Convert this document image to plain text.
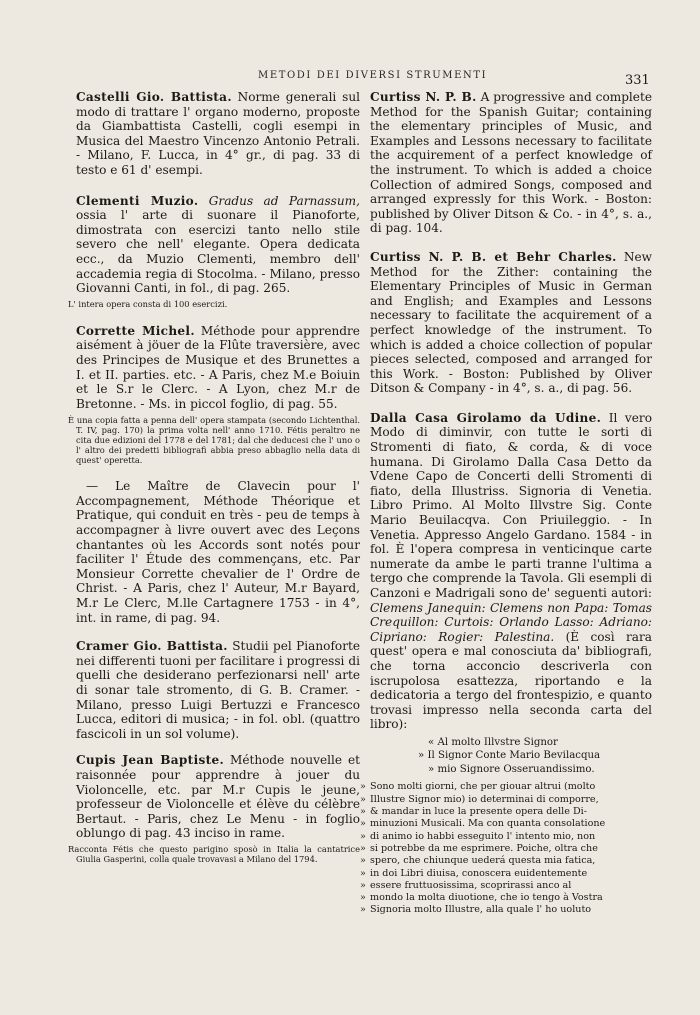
METODI DEI DIVERSI STRUMENTI	331

Castelli Gio. Battista. Norme generali sul modo di trattare l' organo moderno, proposte da Giambattista Castelli, cogli esempi in Musica del Maestro Vincenzo Antonio Petrali. - Milano, F. Lucca, in 4° gr., di pag. 33 di testo e 61 d' esempi.

Clementi Muzio. Gradus ad Parnassum, ossia l' arte di suonare il Pianoforte, dimostrata con esercizi tanto nello stile severo che nell' elegante. Opera dedicata ecc., da Muzio Clementi, membro dell' accademia regia di Stocolma. - Milano, presso Giovanni Canti, in fol., di pag. 265.

L' intera opera consta di 100 esercizi.

Corrette Michel. Méthode pour apprendre aisément à jöuer de la Flûte traversière, avec des Principes de Musique et des Brunettes a I. et II. parties. etc. - A Paris, chez M.e Boiuin et le S.r le Clerc. - A Lyon, chez M.r de Bretonne. - Ms. in piccol foglio, di pag. 55.

È una copia fatta a penna dell' opera stampata (secondo Lichtenthal. T. IV, pag. 170) la prima volta nell' anno 1710. Fétis peraltro ne cita due edizioni del 1778 e del 1781; dal che deducesi che l' uno o l' altro dei predetti bibliografi abbia preso abbaglio nella data di quest' operetta.

— Le Maître de Clavecin pour l' Accompagnement, Méthode Théorique et Pratique, qui conduit en très - peu de temps à accompagner à livre ouvert avec des Leçons chantantes où les Accords sont notés pour faciliter l' Étude des commençans, etc. Par Monsieur Corrette chevalier de l' Ordre de Christ. - A Paris, chez l' Auteur, M.r Bayard, M.r Le Clerc, M.lle Cartagnere 1753 - in 4°, int. in rame, di pag. 94.

Cramer Gio. Battista. Studii pel Pianoforte nei differenti tuoni per facilitare i progressi di quelli che desiderano perfezionarsi nell' arte di sonar tale stromento, di G. B. Cramer. - Milano, presso Luigi Bertuzzi e Francesco Lucca, editori di musica; - in fol. obl. (quattro fascicoli in un sol volume).

Cupis Jean Baptiste. Méthode nouvelle et raisonnée pour apprendre à jouer du Violoncelle, etc. par M.r Cupis le jeune, professeur de Violoncelle et élève du célèbre Bertaut. - Paris, chez Le Menu - in foglio oblungo di pag. 43 inciso in rame.

Racconta Fétis che questo parigino sposò in Italia la cantatrice Giulia Gasperini, colla quale trovavasi a Milano del 1794.

Curtiss N. P. B. A progressive and complete Method for the Spanish Guitar; containing the elementary principles of Music, and Examples and Lessons necessary to facilitate the acquirement of a perfect knowledge of the instrument. To which is added a choice Collection of admired Songs, composed and arranged expressly for this Work. - Boston: published by Oliver Ditson & Co. - in 4°, s. a., di pag. 104.

Curtiss N. P. B. et Behr Charles. New Method for the Zither: containing the Elementary Principles of Music in German and English; and Examples and Lessons necessary to facilitate the acquirement of a perfect knowledge of the instrument. To which is added a choice collection of popular pieces selected, composed and arranged for this Work. - Boston: Published by Oliver Ditson & Company - in 4°, s. a., di pag. 56.

Dalla Casa Girolamo da Udine. Il vero Modo di diminvir, con tutte le sorti di Stromenti di fiato, & corda, & di voce humana. Di Girolamo Dalla Casa Detto da Vdene Capo de Concerti delli Stromenti di fiato, della Illustriss. Signoria di Venetia. Libro Primo. Al Molto Illvstre Sig. Conte Mario Beuilacqva. Con Priuileggio. - In Venetia. Appresso Angelo Gardano. 1584 - in fol. È l'opera compresa in venticinque carte numerate da ambe le parti tranne l'ultima a tergo che comprende la Tavola. Gli esempli di Canzoni e Madrigali sono de' seguenti autori: Clemens Janequin: Clemens non Papa: Tomas Crequillon: Curtois: Orlando Lasso: Adriano: Cipriano: Rogier: Palestina. (È così rara quest' opera e mal conosciuta da' bibliografi, che torna acconcio descriverla con iscrupolosa esattezza, riportando e la dedicatoria a tergo del frontespizio, e quanto trovasi impresso nella seconda carta del libro):

« Al molto Illvstre Signor

» Il Signor Conte Mario Bevilacqua

» mio Signore Osseruandissimo.

» Sono molti giorni, che per giouar altrui (molto

» Illustre Signor mio) io determinai di comporre,

» & mandar in luce la presente opera delle Di-

» minuzioni Musicali. Ma con quanta consolatione

» di animo io habbi esseguito l' intento mio, non

» si potrebbe da me esprimere. Poiche, oltra che

» spero, che chiunque uederá questa mia fatica,

» in doi Libri diuisa, conoscera euidentemente

» essere fruttuosissima, scoprirassi anco al

» mondo la molta diuotione, che io tengo à Vostra

» Signoria molto Illustre, alla quale l' ho uoluto
